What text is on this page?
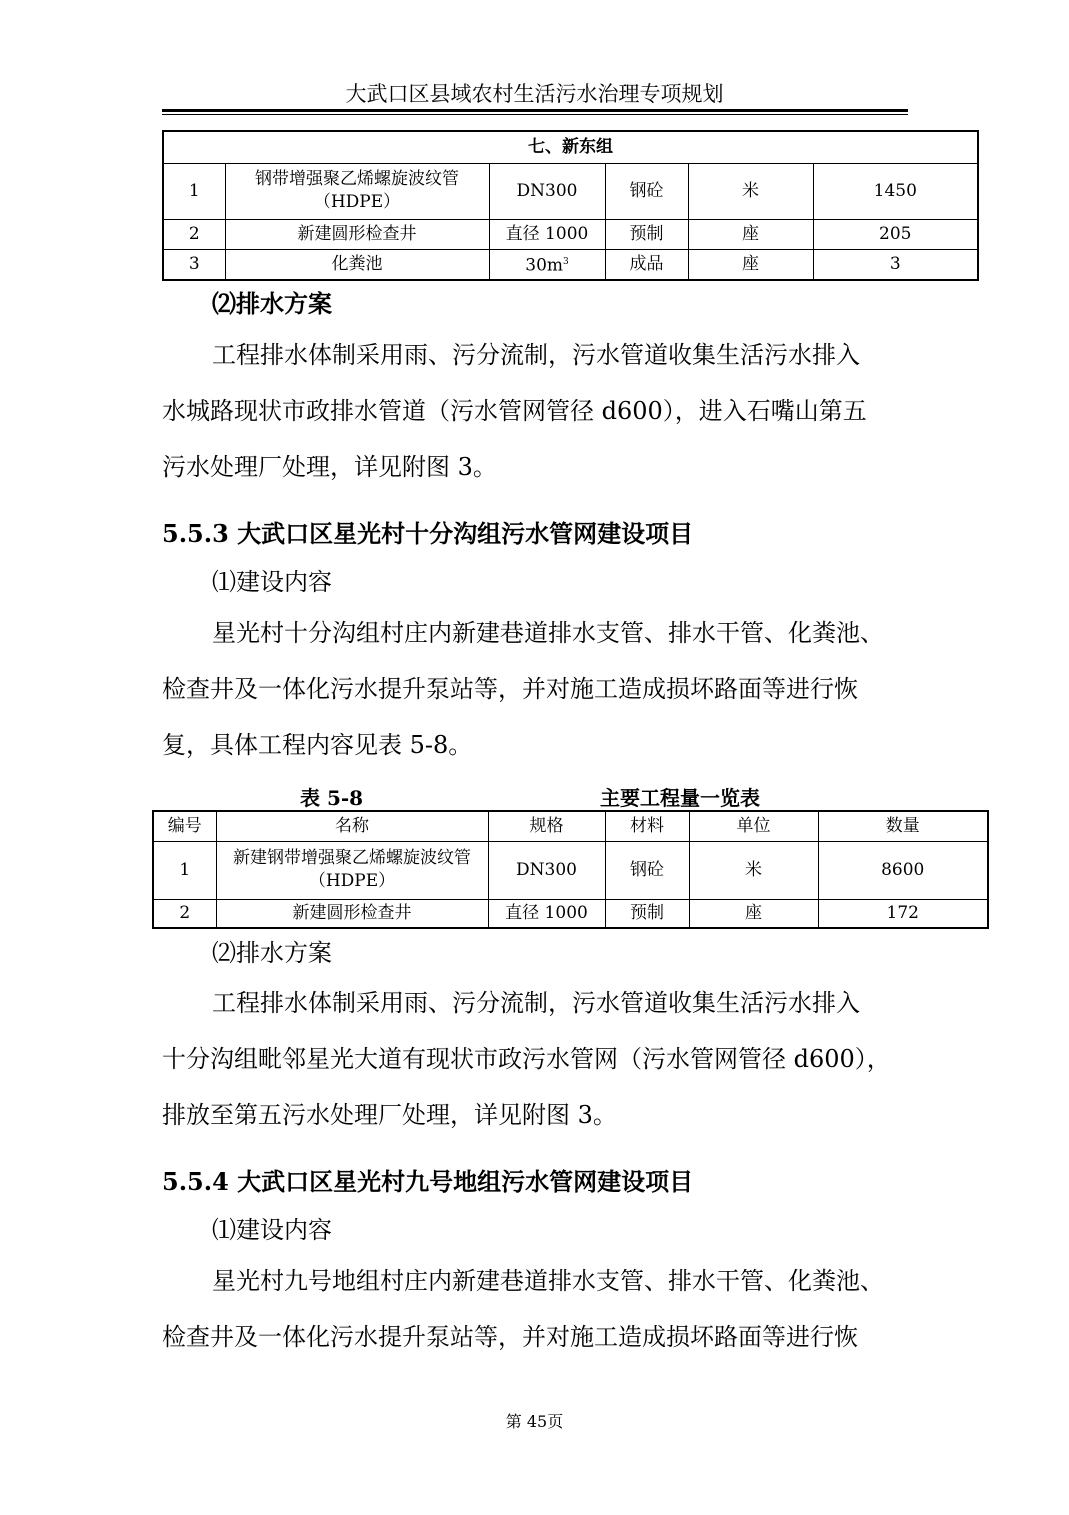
大武口区县域农村生活污水治理专项规划
七、新东组					
1	钢带增强聚乙烯螺旋波纹管（HDPE）	DN300	钢砼	米	1450
2	新建圆形检查井	直径 1000	预制	座	205
3	化粪池	$30m^3$	成品	座	3
⑵排水方案
工程排水体制采用雨、污分流制，污水管道收集生活污水排入
水城路现状市政排水管道（污水管网管径 d600），进入石嘴山第五
污水处理厂处理，详见附图 3。
5.5.3 大武口区星光村十分沟组污水管网建设项目
⑴建设内容
星光村十分沟组村庄内新建巷道排水支管、排水干管、化粪池、
检查井及一体化污水提升泵站等，并对施工造成损坏路面等进行恢
复，具体工程内容见表 5-8。
表 5-8	主要工程量一览表
编号	名称	规格	材料	单位	数量
1	新建钢带增强聚乙烯螺旋波纹管（HDPE）	DN300	钢砼	米	8600
2	新建圆形检查井	直径 1000	预制	座	172
⑵排水方案
工程排水体制采用雨、污分流制，污水管道收集生活污水排入
十分沟组毗邻星光大道有现状市政污水管网（污水管网管径 d600），
排放至第五污水处理厂处理，详见附图 3。
5.5.4 大武口区星光村九号地组污水管网建设项目
⑴建设内容
星光村九号地组村庄内新建巷道排水支管、排水干管、化粪池、
检查井及一体化污水提升泵站等，并对施工造成损坏路面等进行恢
第 45页
